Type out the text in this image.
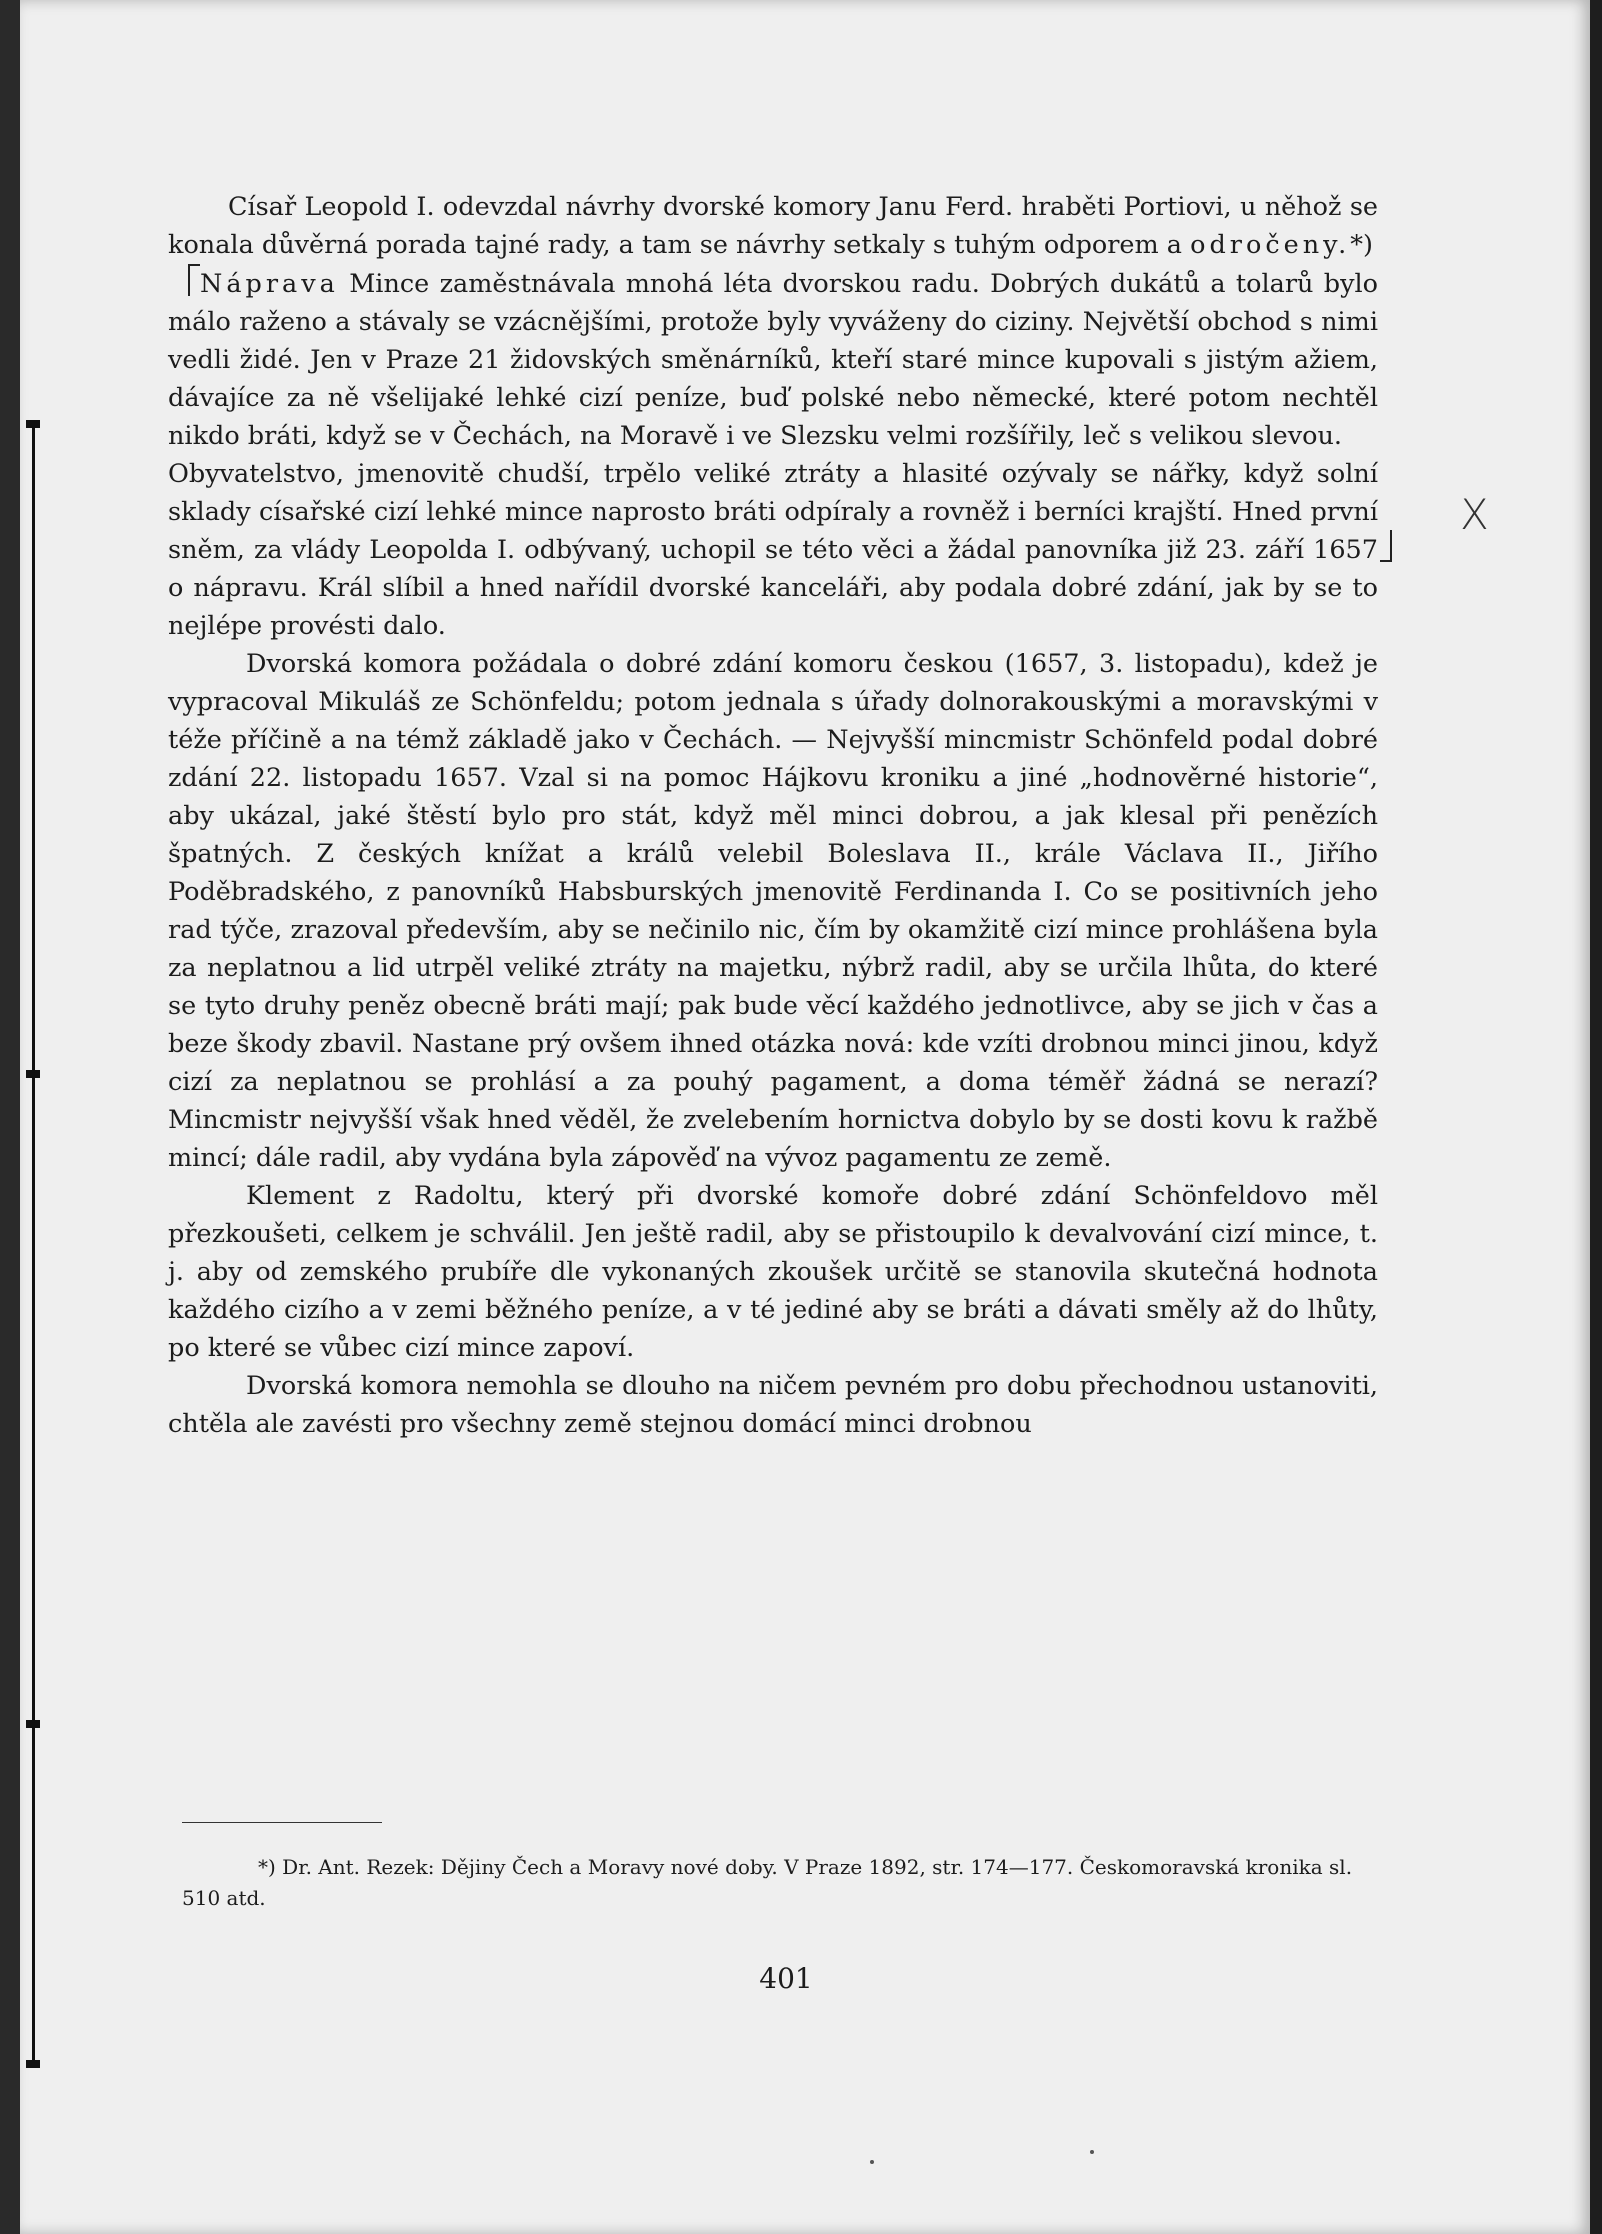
Císař Leopold I. odevzdal návrhy dvorské komory Janu Ferd. hraběti Portiovi, u něhož se konala důvěrná porada tajné rady, a tam se návrhy setkaly s tuhým odporem a odročeny.*)

Náprava Mince zaměstnávala mnohá léta dvorskou radu. Dobrých dukátů a tolarů bylo málo raženo a stávaly se vzácnějšími, protože byly vyváženy do ciziny. Největší obchod s nimi vedli židé. Jen v Praze 21 židovských směnárníků, kteří staré mince kupovali s jistým ažiem, dávajíce za ně všelijaké lehké cizí peníze, buď polské nebo německé, které potom nechtěl nikdo bráti, když se v Čechách, na Moravě i ve Slezsku velmi rozšířily, leč s velikou slevou.

Obyvatelstvo, jmenovitě chudší, trpělo veliké ztráty a hlasité ozývaly se nářky, když solní sklady císařské cizí lehké mince naprosto bráti odpíraly a rovněž i berníci krajští. Hned první sněm, za vlády Leopolda I. odbývaný, uchopil se této věci a žádal panovníka již 23. září 1657 o nápravu. Král slíbil a hned nařídil dvorské kanceláři, aby podala dobré zdání, jak by se to nejlépe provésti dalo.

Dvorská komora požádala o dobré zdání komoru českou (1657, 3. listopadu), kdež je vypracoval Mikuláš ze Schönfeldu; potom jednala s úřady dolnorakouskými a moravskými v téže příčině a na témž základě jako v Čechách. — Nejvyšší mincmistr Schönfeld podal dobré zdání 22. listopadu 1657. Vzal si na pomoc Hájkovu kroniku a jiné „hodnověrné historie“, aby ukázal, jaké štěstí bylo pro stát, když měl minci dobrou, a jak klesal při penězích špatných. Z českých knížat a králů velebil Boleslava II., krále Václava II., Jiřího Poděbradského, z panovníků Habsburských jmenovitě Ferdinanda I. Co se positivních jeho rad týče, zrazoval především, aby se nečinilo nic, čím by okamžitě cizí mince prohlášena byla za neplatnou a lid utrpěl veliké ztráty na majetku, nýbrž radil, aby se určila lhůta, do které se tyto druhy peněz obecně bráti mají; pak bude věcí každého jednotlivce, aby se jich v čas a beze škody zbavil. Nastane prý ovšem ihned otázka nová: kde vzíti drobnou minci jinou, když cizí za neplatnou se prohlásí a za pouhý pagament, a doma téměř žádná se nerazí? Mincmistr nejvyšší však hned věděl, že zvelebením hornictva dobylo by se dosti kovu k ražbě mincí; dále radil, aby vydána byla zápověď na vývoz pagamentu ze země.

Klement z Radoltu, který při dvorské komoře dobré zdání Schönfeldovo měl přezkoušeti, celkem je schválil. Jen ještě radil, aby se přistoupilo k devalvování cizí mince, t. j. aby od zemského prubíře dle vykonaných zkoušek určitě se stanovila skutečná hodnota každého cizího a v zemi běžného peníze, a v té jediné aby se bráti a dávati směly až do lhůty, po které se vůbec cizí mince zapoví.

Dvorská komora nemohla se dlouho na ničem pevném pro dobu přechodnou ustanoviti, chtěla ale zavésti pro všechny země stejnou domácí minci drobnou

X
*) Dr. Ant. Rezek: Dějiny Čech a Moravy nové doby. V Praze 1892, str. 174—177. Českomoravská kronika sl. 510 atd.
401
